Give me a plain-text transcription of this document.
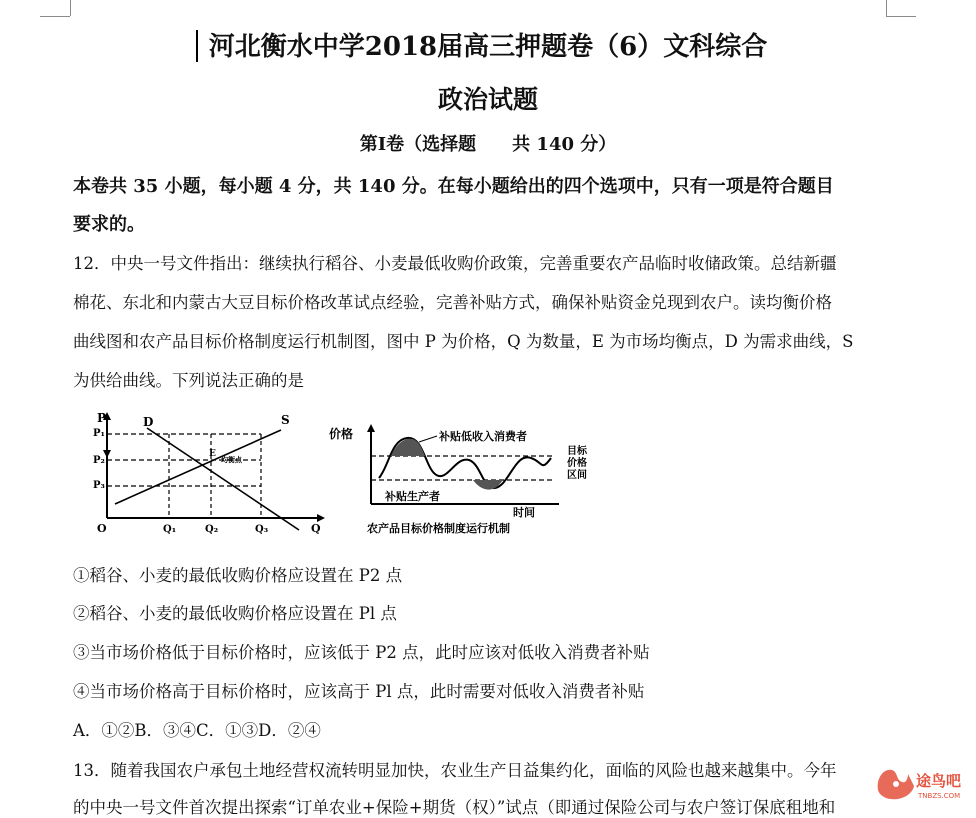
河北衡水中学2018届高三押题卷（6）文科综合
政治试题
第Ⅰ卷（选择题　　共 140 分）
本卷共 35 小题，每小题 4 分，共 140 分。在每小题给出的四个选项中，只有一项是符合题目
要求的。
12．中央一号文件指出：继续执行稻谷、小麦最低收购价政策，完善重要农产品临时收储政策。总结新疆
棉花、东北和内蒙古大豆目标价格改革试点经验，完善补贴方式，确保补贴资金兑现到农户。读均衡价格
曲线图和农产品目标价格制度运行机制图，图中 P 为价格，Q 为数量，E 为市场均衡点，D 为需求曲线，S
为供给曲线。下列说法正确的是
P	D	S
P₁
P₂
P₃
E
均衡点
O	Q₁	Q₂	Q₃	Q
价格	补贴低收入消费者
补贴生产者
目标
价格
区间
时间
农产品目标价格制度运行机制
①稻谷、小麦的最低收购价格应设置在 P2 点
②稻谷、小麦的最低收购价格应设置在 Pl 点
③当市场价格低于目标价格时，应该低于 P2 点，此时应该对低收入消费者补贴
④当市场价格高于目标价格时，应该高于 Pl 点，此时需要对低收入消费者补贴
A．①②B．③④C．①③D．②④
13．随着我国农户承包土地经营权流转明显加快，农业生产日益集约化，面临的风险也越来越集中。今年
的中央一号文件首次提出探索“订单农业+保险+期货（权）”试点（即通过保险公司与农户签订保底租地和
途鸟吧
TNBZS.COM
